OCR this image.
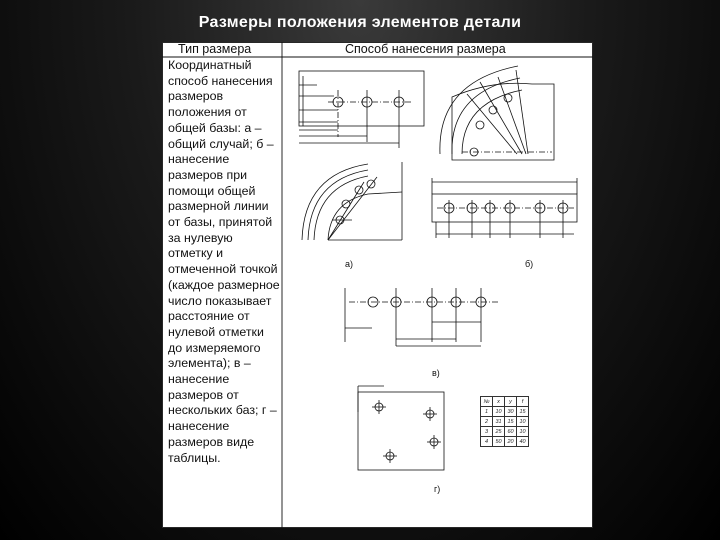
Размеры положения элементов детали
Тип размера	Способ нанесения размера

Координатный способ нанесения размеров положения от общей базы: а – общий случай; б – нанесение размеров при помощи общей размерной линии от базы, принятой за нулевую отметку и отмеченной точкой (каждое размерное число показывает расстояние от нулевой отметки до измеряемого элемента); в – нанесение размеров от нескольких баз; г – нанесение размеров виде таблицы.

а)	б)
в)
г)
№	x	y	f
1	10	30	15
2	31	15	10
3	25	60	10
4	50	20	40
